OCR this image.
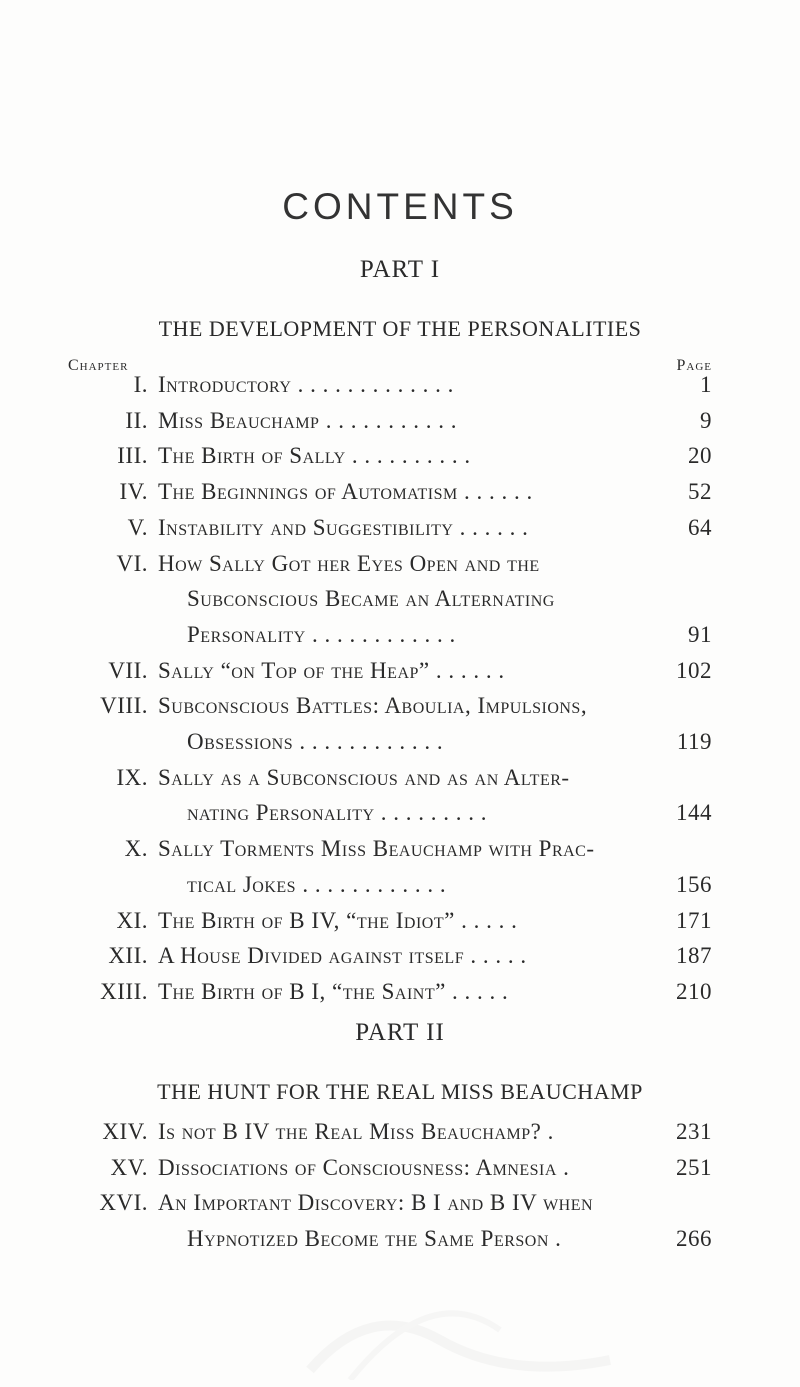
CONTENTS
PART I
THE DEVELOPMENT OF THE PERSONALITIES
Chapter	Page
I. Introductory . . . . . . . . . . . . .	1
II. Miss Beauchamp . . . . . . . . . . .	9
III. The Birth of Sally . . . . . . . . . .	20
IV. The Beginnings of Automatism . . . . . .	52
V. Instability and Suggestibility . . . . . .	64
VI. How Sally Got her Eyes Open and the
Subconscious Became an Alternating
Personality . . . . . . . . . . . .	91
VII. Sally “on Top of the Heap” . . . . . .	102
VIII. Subconscious Battles: Aboulia, Impulsions,
Obsessions . . . . . . . . . . . .	119
IX. Sally as a Subconscious and as an Alter-
nating Personality . . . . . . . . .	144
X. Sally Torments Miss Beauchamp with Prac-
tical Jokes . . . . . . . . . . . .	156
XI. The Birth of B IV, “the Idiot” . . . . .	171
XII. A House Divided against itself . . . . .	187
XIII. The Birth of B I, “the Saint” . . . . .	210
PART II
THE HUNT FOR THE REAL MISS BEAUCHAMP
XIV. Is not B IV the Real Miss Beauchamp? .	231
XV. Dissociations of Consciousness: Amnesia .	251
XVI. An Important Discovery: B I and B IV when
Hypnotized Become the Same Person .	266
